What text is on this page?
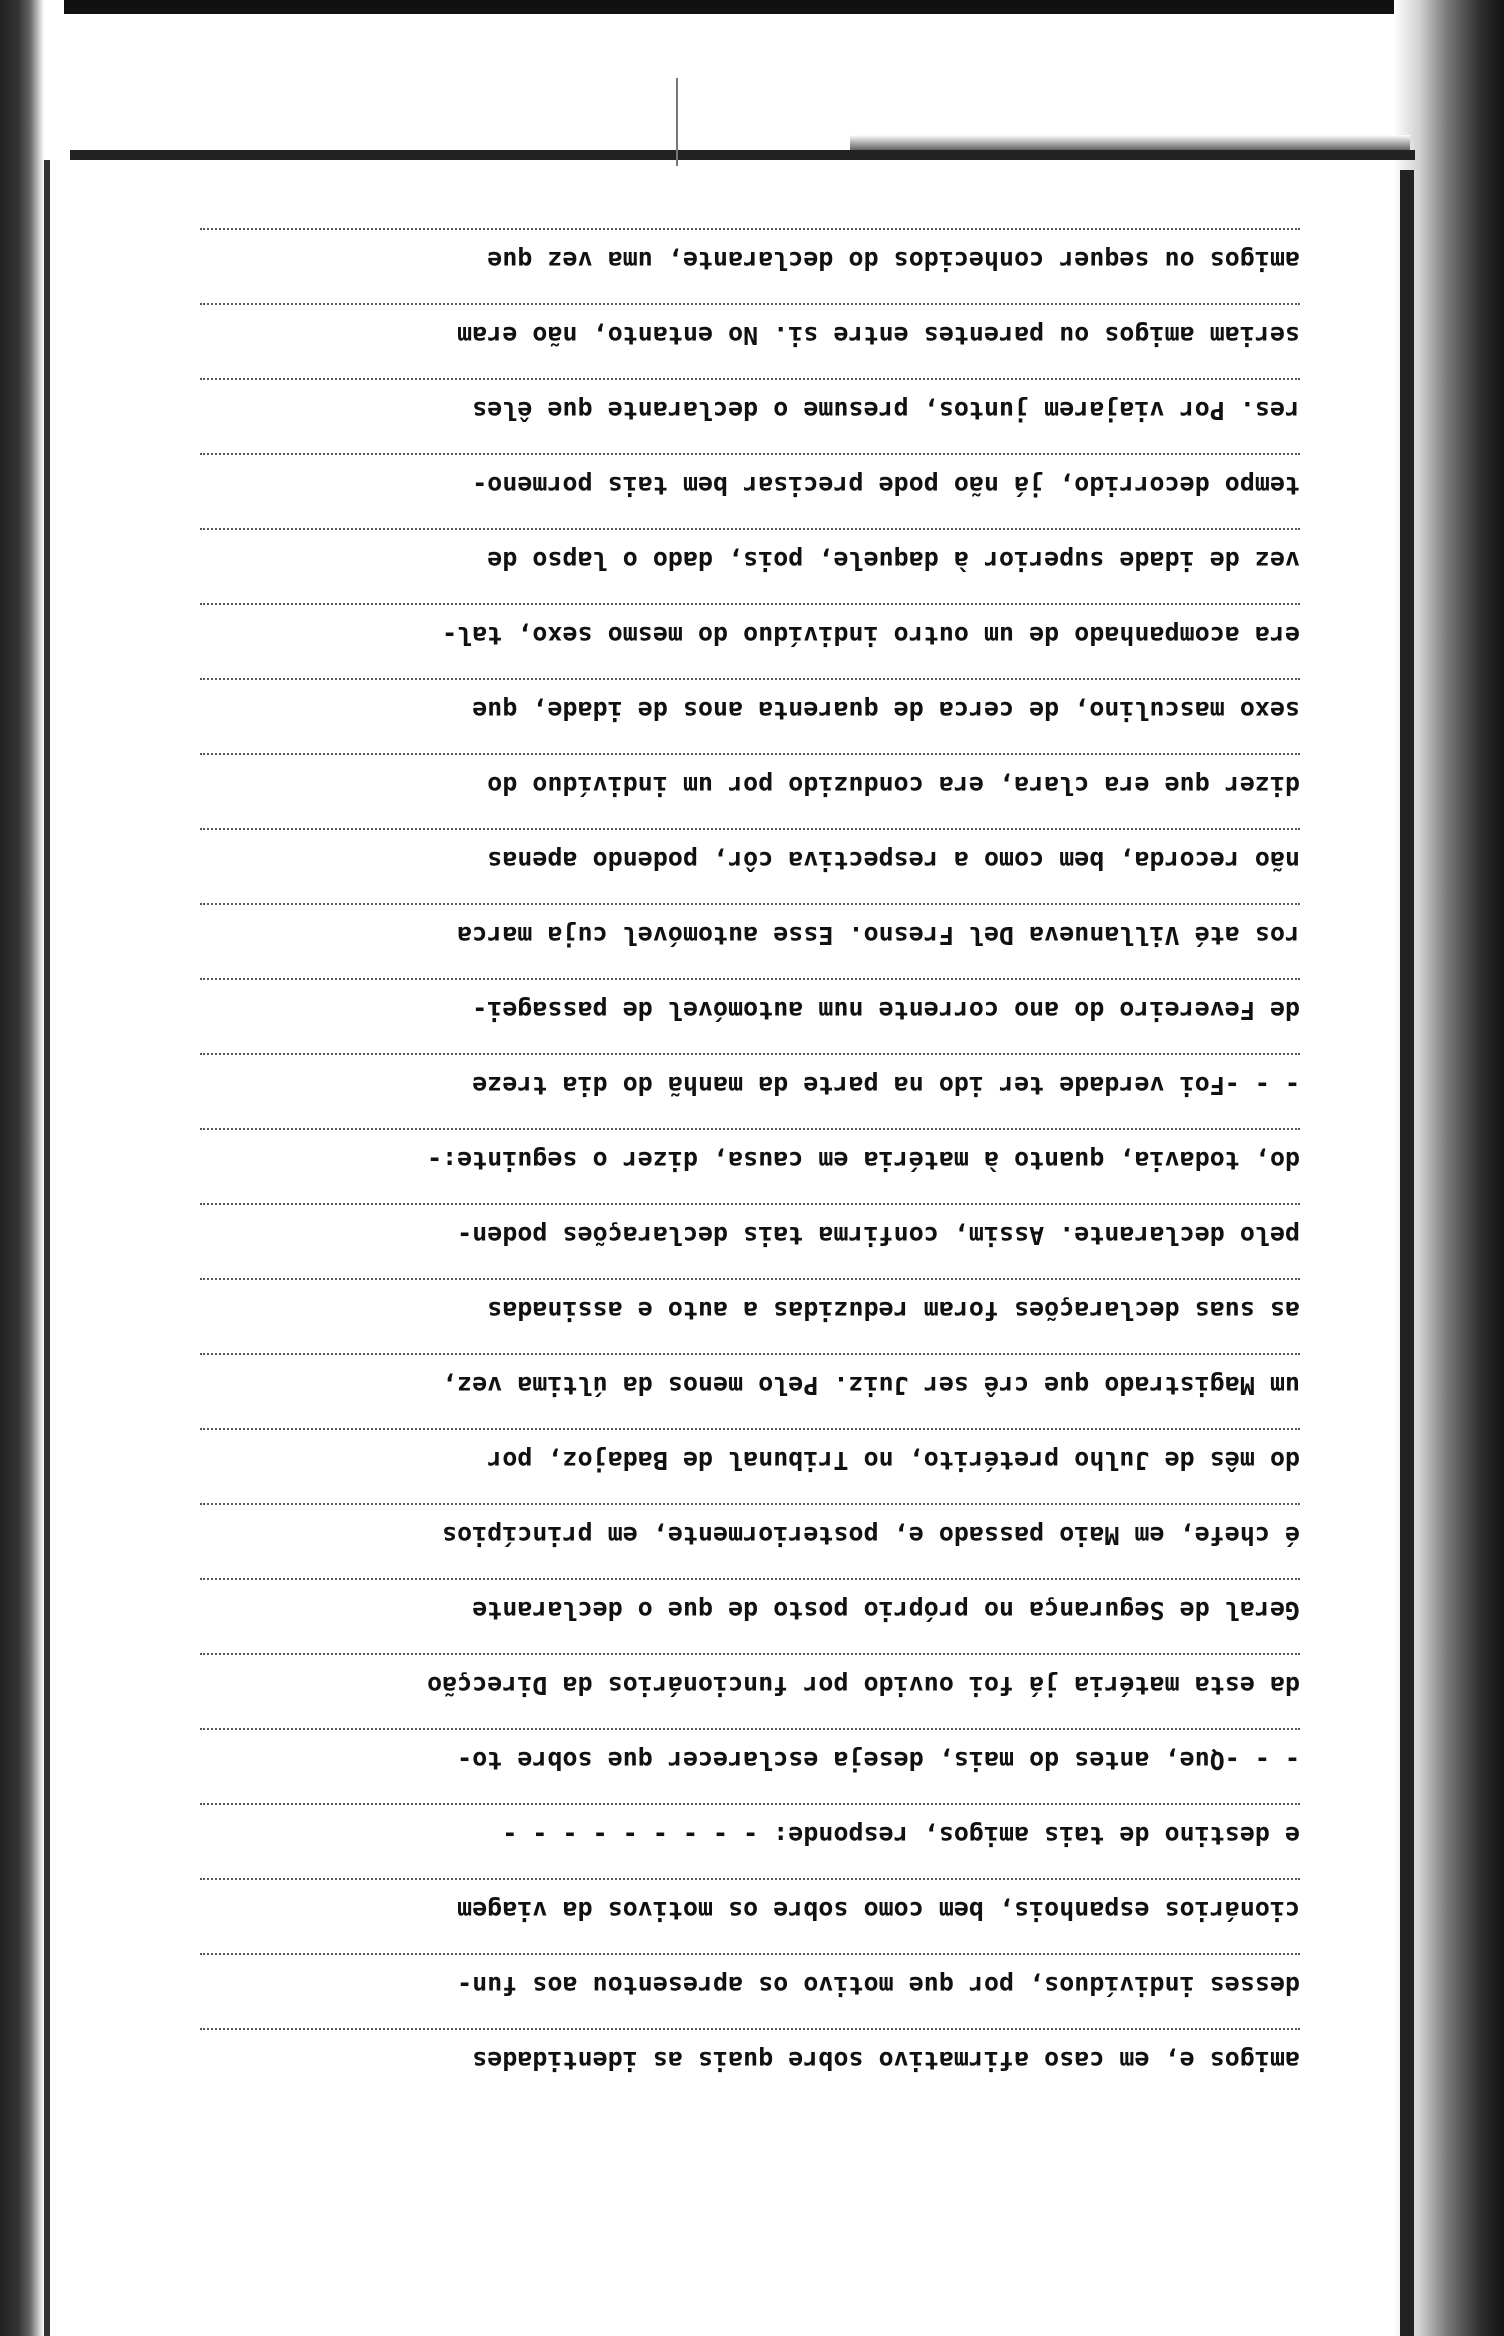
amigos ou sequer conhecidos do declarante, uma vez que
seriam amigos ou parentes entre si. No entanto, não eram
res. Por viajarem juntos, presume o declarante que êles
tempo decorrido, já não pode precisar bem tais pormeno-
vez de idade superior à daquele, pois, dado o lapso de
era acompanhado de um outro indivíduo do mesmo sexo, tal-
sexo masculino, de cerca de quarenta anos de idade, que
dizer que era clara, era conduzido por um indivíduo do
não recorda, bem como a respectiva côr, podendo apenas
ros até Villanueva Del Fresno. Esse automóvel cuja marca
de Fevereiro do ano corrente num automóvel de passagei-
- - -Foi verdade ter ido na parte da manhã do dia treze
do, todavia, quanto à matéria em causa, dizer o seguinte:-
pelo declarante. Assim, confirma tais declarações poden-
as suas declarações foram reduzidas a auto e assinadas
um Magistrado que crê ser Juiz. Pelo menos da última vez,
do mês de Julho pretérito, no Tribunal de Badajoz, por
é chefe, em Maio passado e, posteriormente, em princípios
Geral de Segurança no próprio posto de que o declarante
da esta matéria já foi ouvido por funcionários da Direcção
- - -Que, antes do mais, deseja esclarecer que sobre to-
e destino de tais amigos, responde: - - - - - - - - -
cionários espanhois, bem como sobre os motivos da viagem
desses indivíduos, por que motivo os apresentou aos fun-
amigos e, em caso afirmativo sobre quais as identidades
